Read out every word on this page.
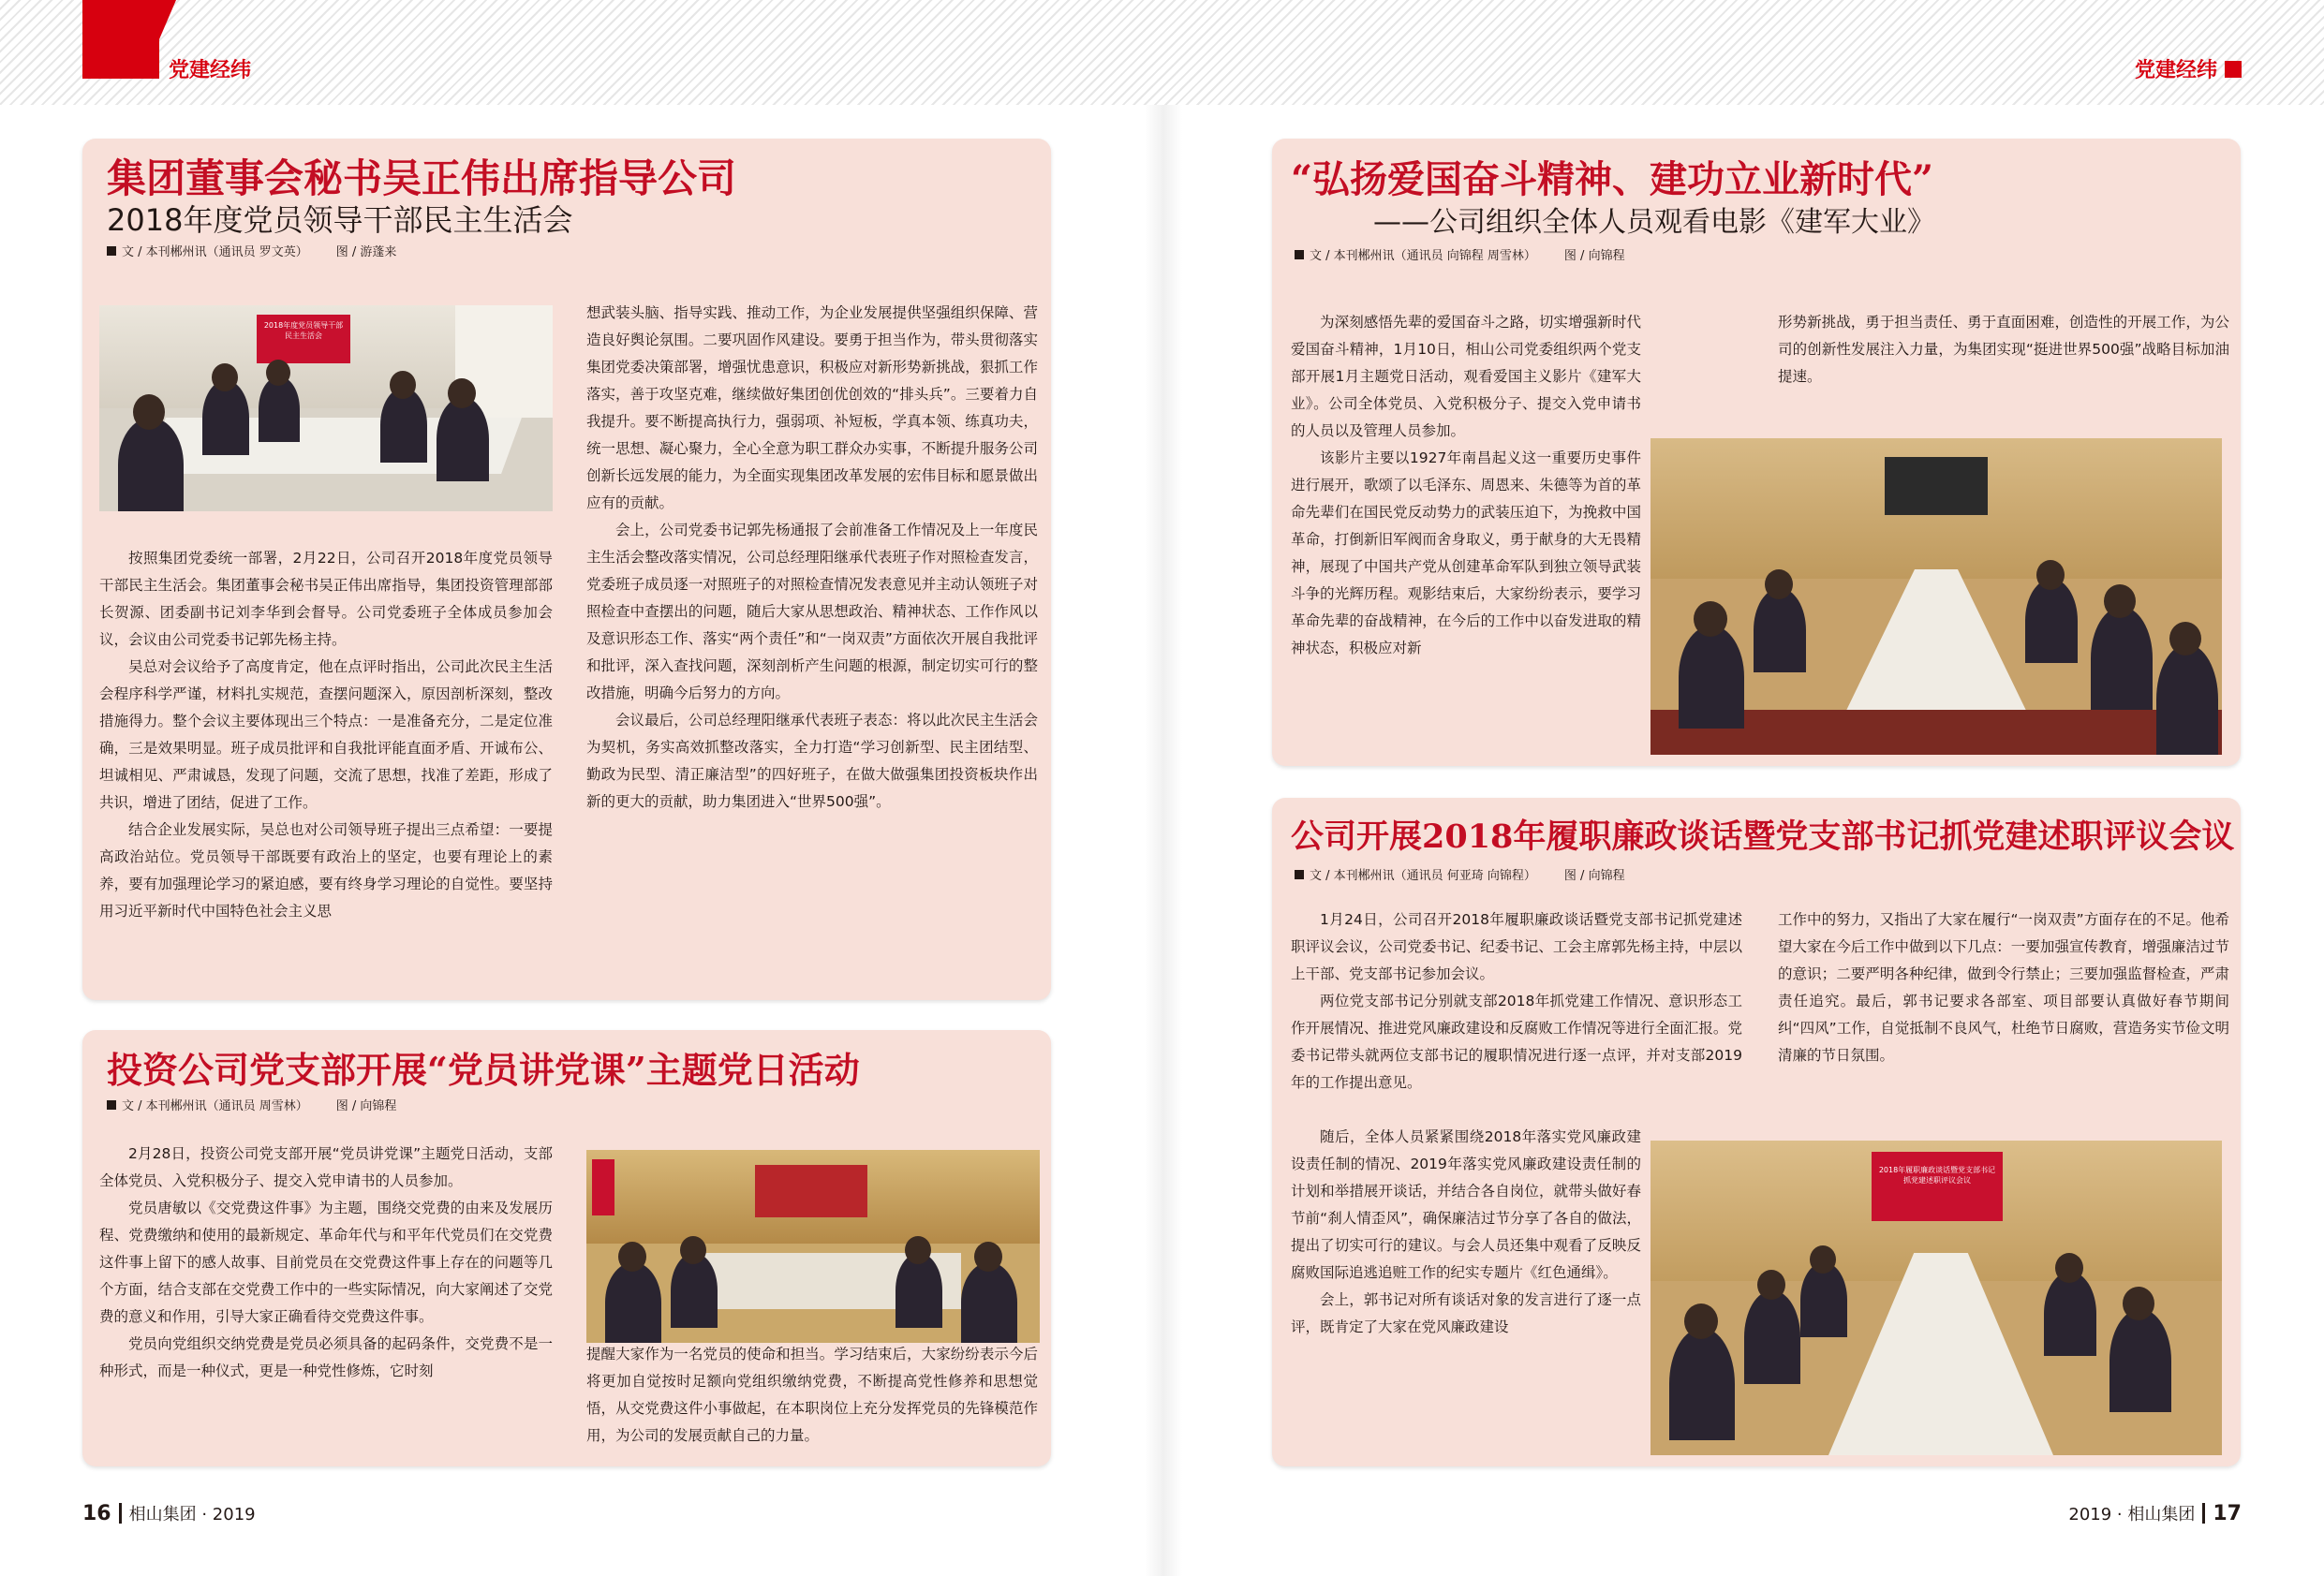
党建经纬	党建经纬
集团董事会秘书吴正伟出席指导公司
2018年度党员领导干部民主生活会
文 / 本刊郴州讯（通讯员 罗文英） 图 / 游蓬来
2018年度党员领导干部民主生活会

按照集团党委统一部署，2月22日，公司召开2018年度党员领导干部民主生活会。集团董事会秘书吴正伟出席指导，集团投资管理部部长贺源、团委副书记刘李华到会督导。公司党委班子全体成员参加会议，会议由公司党委书记郭先杨主持。

吴总对会议给予了高度肯定，他在点评时指出，公司此次民主生活会程序科学严谨，材料扎实规范，查摆问题深入，原因剖析深刻，整改措施得力。整个会议主要体现出三个特点：一是准备充分，二是定位准确，三是效果明显。班子成员批评和自我批评能直面矛盾、开诚布公、坦诚相见、严肃诚恳，发现了问题，交流了思想，找准了差距，形成了共识，增进了团结，促进了工作。

结合企业发展实际，吴总也对公司领导班子提出三点希望：一要提高政治站位。党员领导干部既要有政治上的坚定，也要有理论上的素养，要有加强理论学习的紧迫感，要有终身学习理论的自觉性。要坚持用习近平新时代中国特色社会主义思

想武装头脑、指导实践、推动工作，为企业发展提供坚强组织保障、营造良好舆论氛围。二要巩固作风建设。要勇于担当作为，带头贯彻落实集团党委决策部署，增强忧患意识，积极应对新形势新挑战，狠抓工作落实，善于攻坚克难，继续做好集团创优创效的“排头兵”。三要着力自我提升。要不断提高执行力，强弱项、补短板，学真本领、练真功夫，统一思想、凝心聚力，全心全意为职工群众办实事，不断提升服务公司创新长远发展的能力，为全面实现集团改革发展的宏伟目标和愿景做出应有的贡献。

会上，公司党委书记郭先杨通报了会前准备工作情况及上一年度民主生活会整改落实情况，公司总经理阳继承代表班子作对照检查发言，党委班子成员逐一对照班子的对照检查情况发表意见并主动认领班子对照检查中查摆出的问题，随后大家从思想政治、精神状态、工作作风以及意识形态工作、落实“两个责任”和“一岗双责”方面依次开展自我批评和批评，深入查找问题，深刻剖析产生问题的根源，制定切实可行的整改措施，明确今后努力的方向。

会议最后，公司总经理阳继承代表班子表态：将以此次民主生活会为契机，务实高效抓整改落实，全力打造“学习创新型、民主团结型、勤政为民型、清正廉洁型”的四好班子，在做大做强集团投资板块作出新的更大的贡献，助力集团进入“世界500强”。

投资公司党支部开展“党员讲党课”主题党日活动
文 / 本刊郴州讯（通讯员 周雪林） 图 / 向锦程

2月28日，投资公司党支部开展“党员讲党课”主题党日活动，支部全体党员、入党积极分子、提交入党申请书的人员参加。

党员唐敏以《交党费这件事》为主题，围绕交党费的由来及发展历程、党费缴纳和使用的最新规定、革命年代与和平年代党员们在交党费这件事上留下的感人故事、目前党员在交党费这件事上存在的问题等几个方面，结合支部在交党费工作中的一些实际情况，向大家阐述了交党费的意义和作用，引导大家正确看待交党费这件事。

党员向党组织交纳党费是党员必须具备的起码条件，交党费不是一种形式，而是一种仪式，更是一种党性修炼，它时刻

提醒大家作为一名党员的使命和担当。学习结束后，大家纷纷表示今后将更加自觉按时足额向党组织缴纳党费，不断提高党性修养和思想觉悟，从交党费这件小事做起，在本职岗位上充分发挥党员的先锋模范作用，为公司的发展贡献自己的力量。

“弘扬爱国奋斗精神、建功立业新时代”
——公司组织全体人员观看电影《建军大业》
文 / 本刊郴州讯（通讯员 向锦程 周雪林） 图 / 向锦程

为深刻感悟先辈的爱国奋斗之路，切实增强新时代爱国奋斗精神，1月10日，相山公司党委组织两个党支部开展1月主题党日活动，观看爱国主义影片《建军大业》。公司全体党员、入党积极分子、提交入党申请书的人员以及管理人员参加。

该影片主要以1927年南昌起义这一重要历史事件进行展开，歌颂了以毛泽东、周恩来、朱德等为首的革命先辈们在国民党反动势力的武装压迫下，为挽救中国革命，打倒新旧军阀而舍身取义，勇于献身的大无畏精神，展现了中国共产党从创建革命军队到独立领导武装斗争的光辉历程。观影结束后，大家纷纷表示，要学习革命先辈的奋战精神，在今后的工作中以奋发进取的精神状态，积极应对新

形势新挑战，勇于担当责任、勇于直面困难，创造性的开展工作，为公司的创新性发展注入力量，为集团实现“挺进世界500强”战略目标加油提速。

公司开展2018年履职廉政谈话暨党支部书记抓党建述职评议会议
文 / 本刊郴州讯（通讯员 何亚琦 向锦程） 图 / 向锦程

1月24日，公司召开2018年履职廉政谈话暨党支部书记抓党建述职评议会议，公司党委书记、纪委书记、工会主席郭先杨主持，中层以上干部、党支部书记参加会议。

两位党支部书记分别就支部2018年抓党建工作情况、意识形态工作开展情况、推进党风廉政建设和反腐败工作情况等进行全面汇报。党委书记带头就两位支部书记的履职情况进行逐一点评，并对支部2019年的工作提出意见。

随后，全体人员紧紧围绕2018年落实党风廉政建设责任制的情况、2019年落实党风廉政建设责任制的计划和举措展开谈话，并结合各自岗位，就带头做好春节前“刹人情歪风”，确保廉洁过节分享了各自的做法，提出了切实可行的建议。与会人员还集中观看了反映反腐败国际追逃追赃工作的纪实专题片《红色通缉》。

会上，郭书记对所有谈话对象的发言进行了逐一点评，既肯定了大家在党风廉政建设

工作中的努力，又指出了大家在履行“一岗双责”方面存在的不足。他希望大家在今后工作中做到以下几点：一要加强宣传教育，增强廉洁过节的意识；二要严明各种纪律，做到令行禁止；三要加强监督检查，严肃责任追究。最后，郭书记要求各部室、项目部要认真做好春节期间纠“四风”工作，自觉抵制不良风气，杜绝节日腐败，营造务实节俭文明清廉的节日氛围。

2018年履职廉政谈话暨党支部书记抓党建述职评议会议
16 相山集团 · 2019	2019 · 相山集团 17
